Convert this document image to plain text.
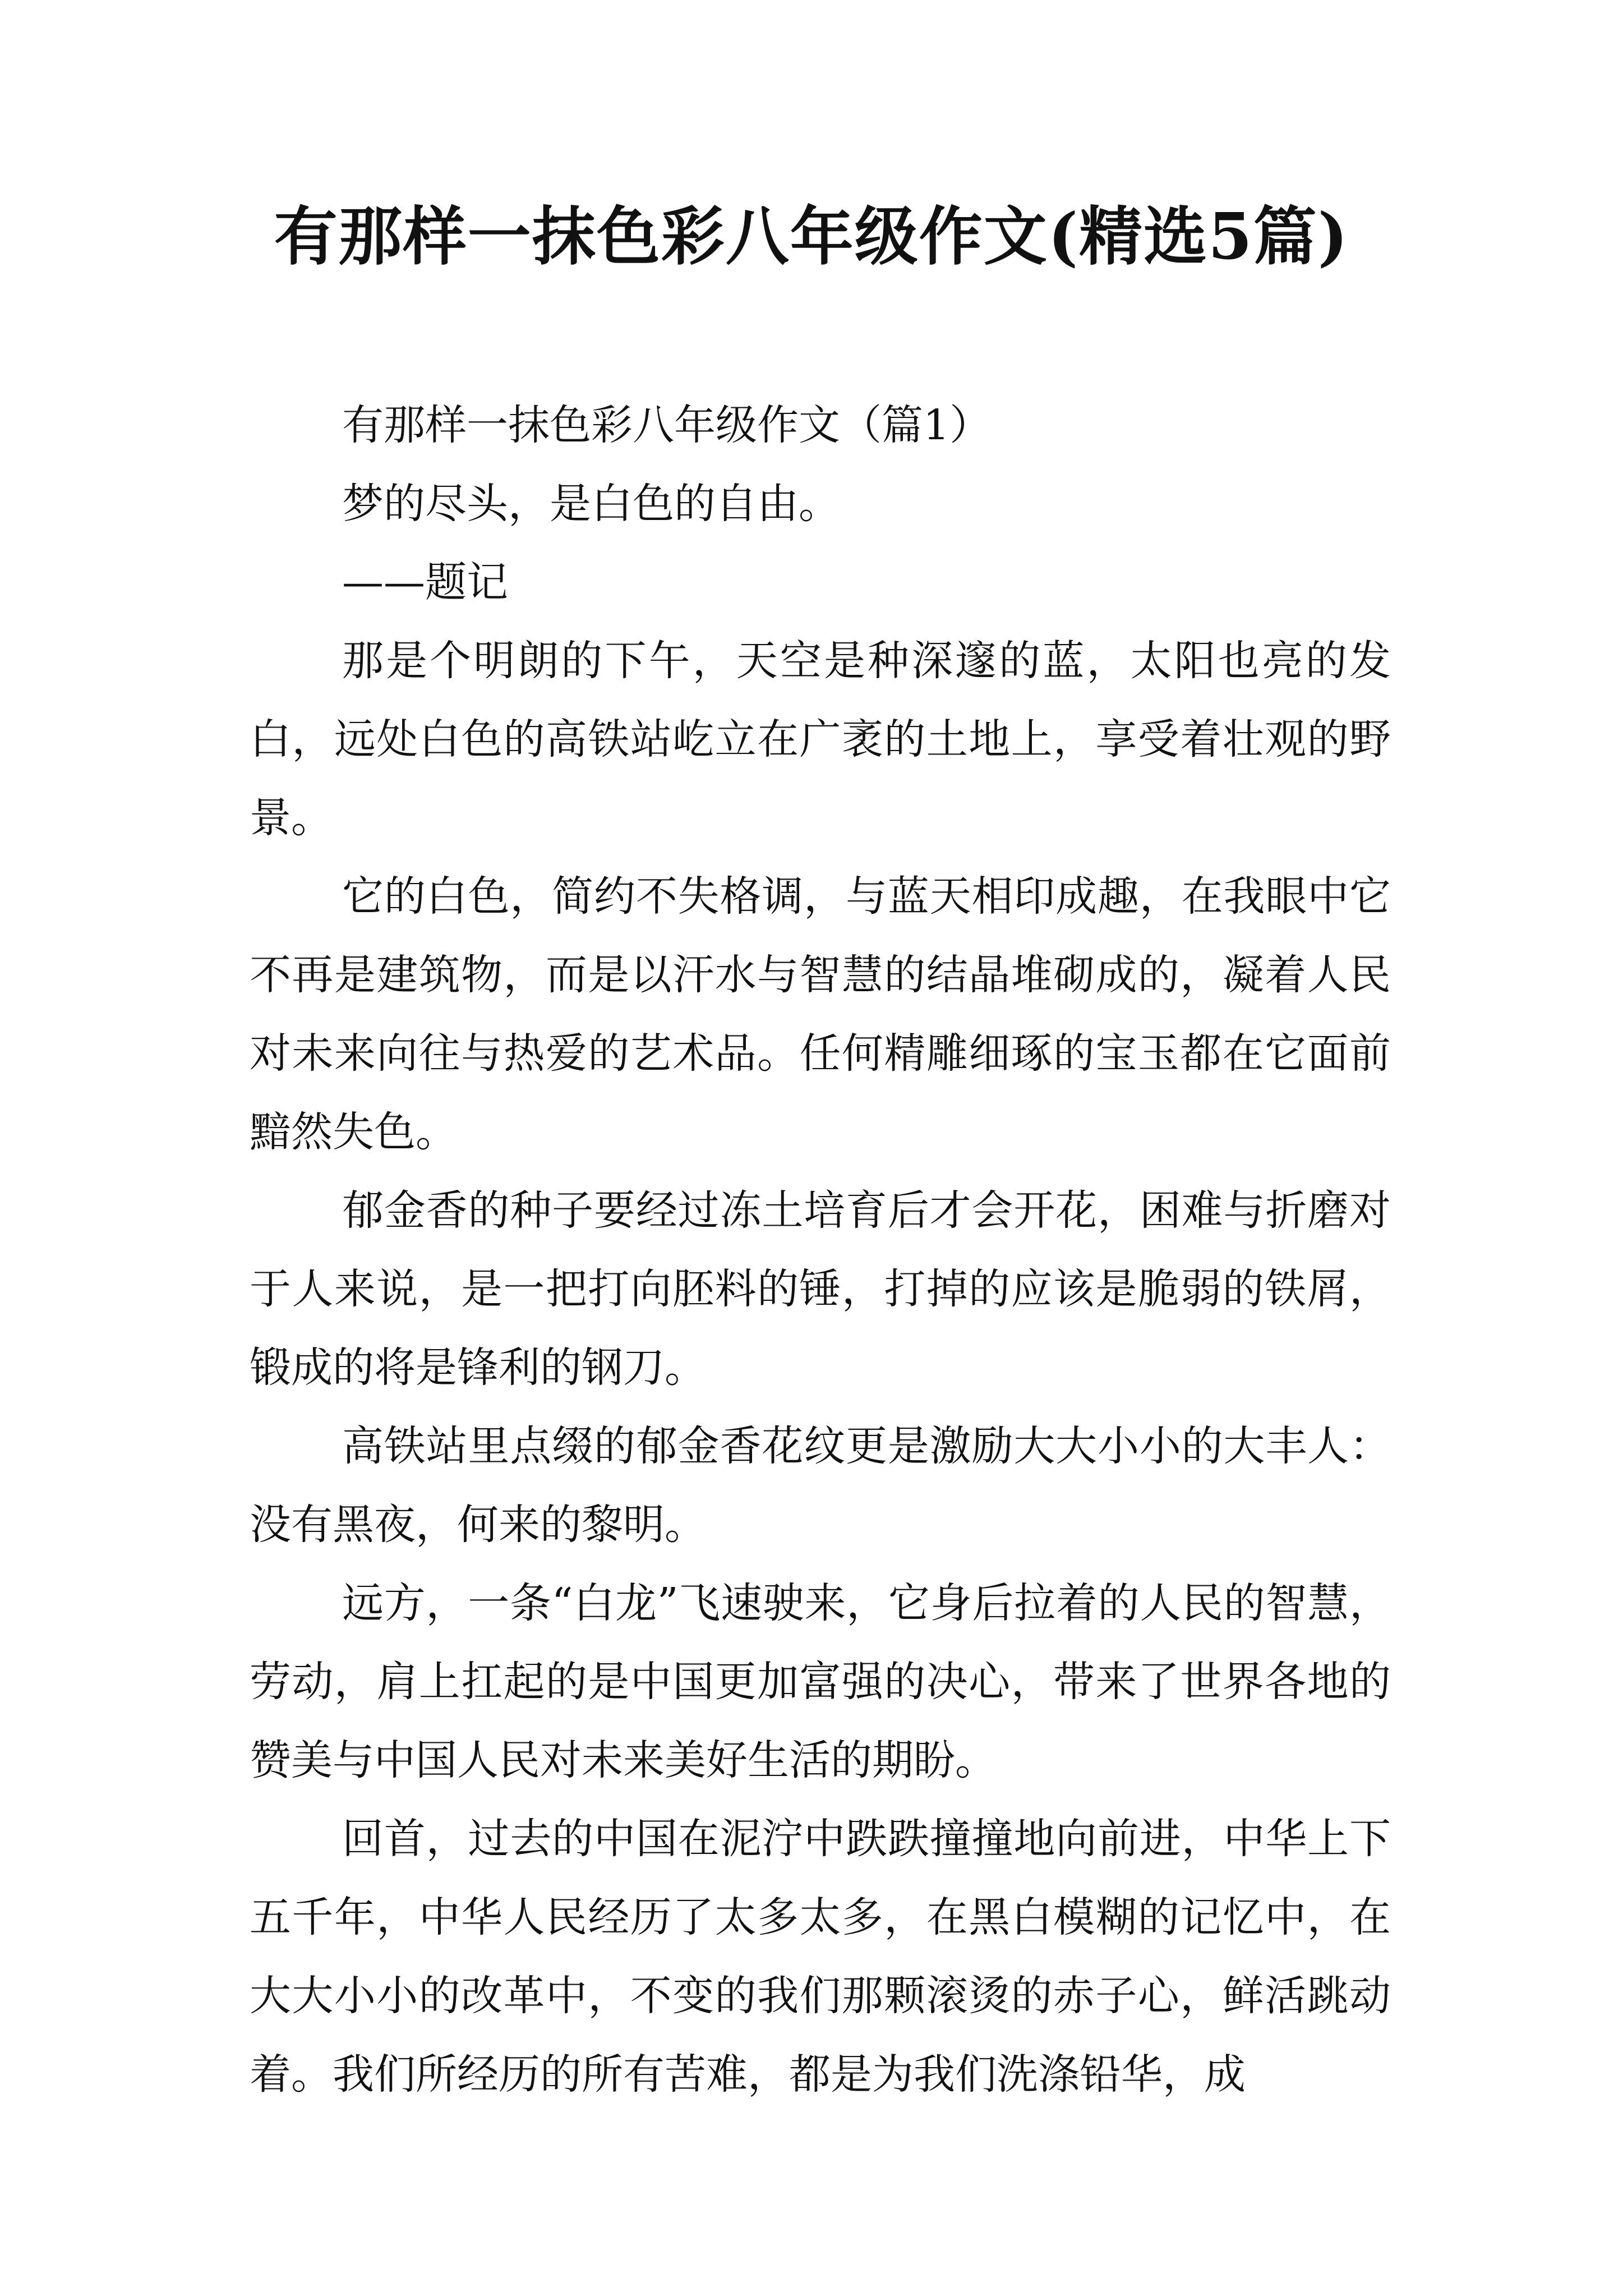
有那样一抹色彩八年级作文(精选5篇)

有那样一抹色彩八年级作文（篇1）

梦的尽头，是白色的自由。

——题记

那是个明朗的下午，天空是种深邃的蓝，太阳也亮的发白，远处白色的高铁站屹立在广袤的土地上，享受着壮观的野景。

它的白色，简约不失格调，与蓝天相印成趣，在我眼中它不再是建筑物，而是以汗水与智慧的结晶堆砌成的，凝着人民对未来向往与热爱的艺术品。任何精雕细琢的宝玉都在它面前黯然失色。

郁金香的种子要经过冻土培育后才会开花，困难与折磨对于人来说，是一把打向胚料的锤，打掉的应该是脆弱的铁屑，锻成的将是锋利的钢刀。

高铁站里点缀的郁金香花纹更是激励大大小小的大丰人：没有黑夜，何来的黎明。

远方，一条“白龙”飞速驶来，它身后拉着的人民的智慧，劳动，肩上扛起的是中国更加富强的决心，带来了世界各地的赞美与中国人民对未来美好生活的期盼。

回首，过去的中国在泥泞中跌跌撞撞地向前进，中华上下五千年，中华人民经历了太多太多，在黑白模糊的记忆中，在大大小小的改革中，不变的我们那颗滚烫的赤子心，鲜活跳动着。我们所经历的所有苦难，都是为我们洗涤铅华，成
